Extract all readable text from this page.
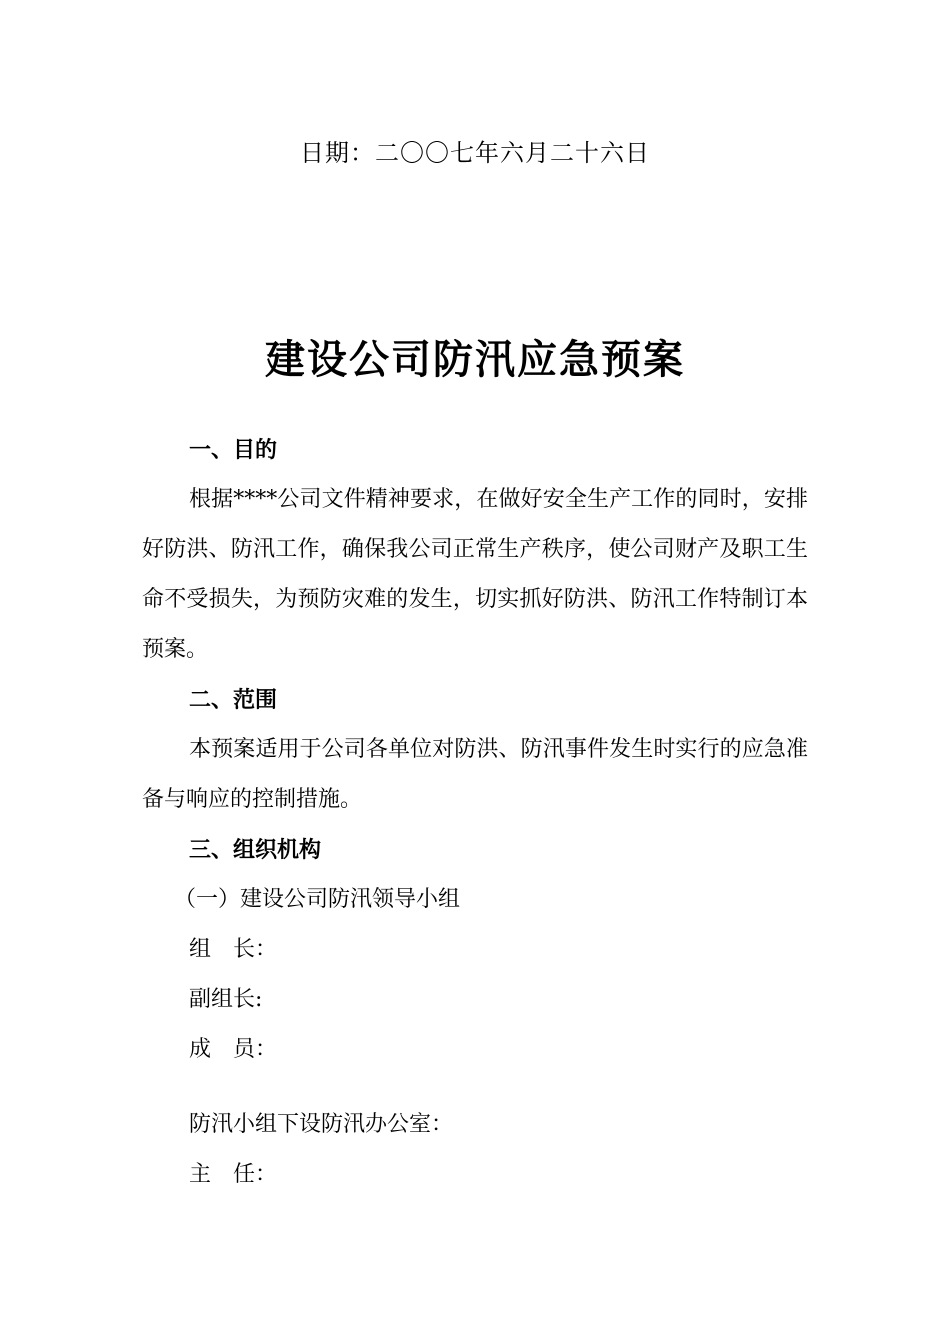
日期：二〇〇七年六月二十六日
建设公司防汛应急预案
一、目的
根据****公司文件精神要求，在做好安全生产工作的同时，安排好防洪、防汛工作，确保我公司正常生产秩序，使公司财产及职工生命不受损失，为预防灾难的发生，切实抓好防洪、防汛工作特制订本预案。
二、范围
本预案适用于公司各单位对防洪、防汛事件发生时实行的应急准备与响应的控制措施。
三、组织机构
（一）建设公司防汛领导小组
组　长：
副组长:
成　员：
防汛小组下设防汛办公室：
主　任：
